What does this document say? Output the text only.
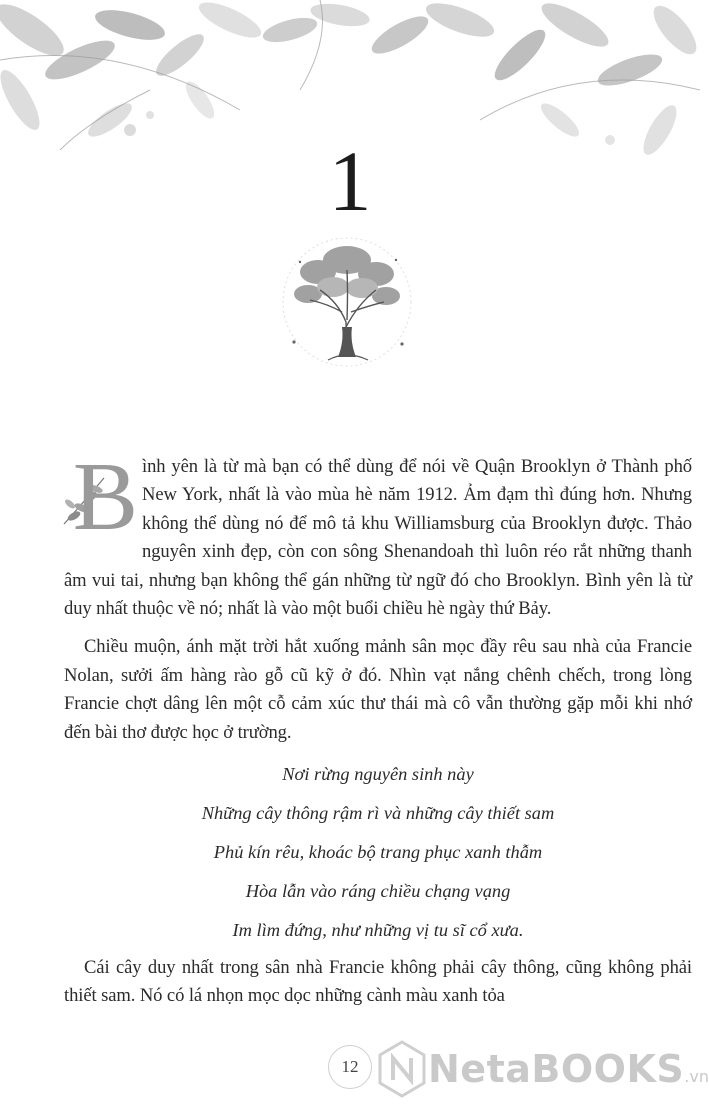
1

B ình yên là từ mà bạn có thể dùng để nói về Quận Brooklyn ở Thành phố New York, nhất là vào mùa hè năm 1912. Ảm đạm thì đúng hơn. Nhưng không thể dùng nó để mô tả khu Williamsburg của Brooklyn được. Thảo nguyên xinh đẹp, còn con sông Shenandoah thì luôn réo rắt những thanh âm vui tai, nhưng bạn không thể gán những từ ngữ đó cho Brooklyn. Bình yên là từ duy nhất thuộc về nó; nhất là vào một buổi chiều hè ngày thứ Bảy.

Chiều muộn, ánh mặt trời hắt xuống mảnh sân mọc đầy rêu sau nhà của Francie Nolan, sưởi ấm hàng rào gỗ cũ kỹ ở đó. Nhìn vạt nắng chênh chếch, trong lòng Francie chợt dâng lên một cỗ cảm xúc thư thái mà cô vẫn thường gặp mỗi khi nhớ đến bài thơ được học ở trường.

Nơi rừng nguyên sinh này
Những cây thông rậm rì và những cây thiết sam
Phủ kín rêu, khoác bộ trang phục xanh thẫm
Hòa lẫn vào ráng chiều chạng vạng
Im lìm đứng, như những vị tu sĩ cổ xưa.

Cái cây duy nhất trong sân nhà Francie không phải cây thông, cũng không phải thiết sam. Nó có lá nhọn mọc dọc những cành màu xanh tỏa

12	NetaBOOKS.vn
